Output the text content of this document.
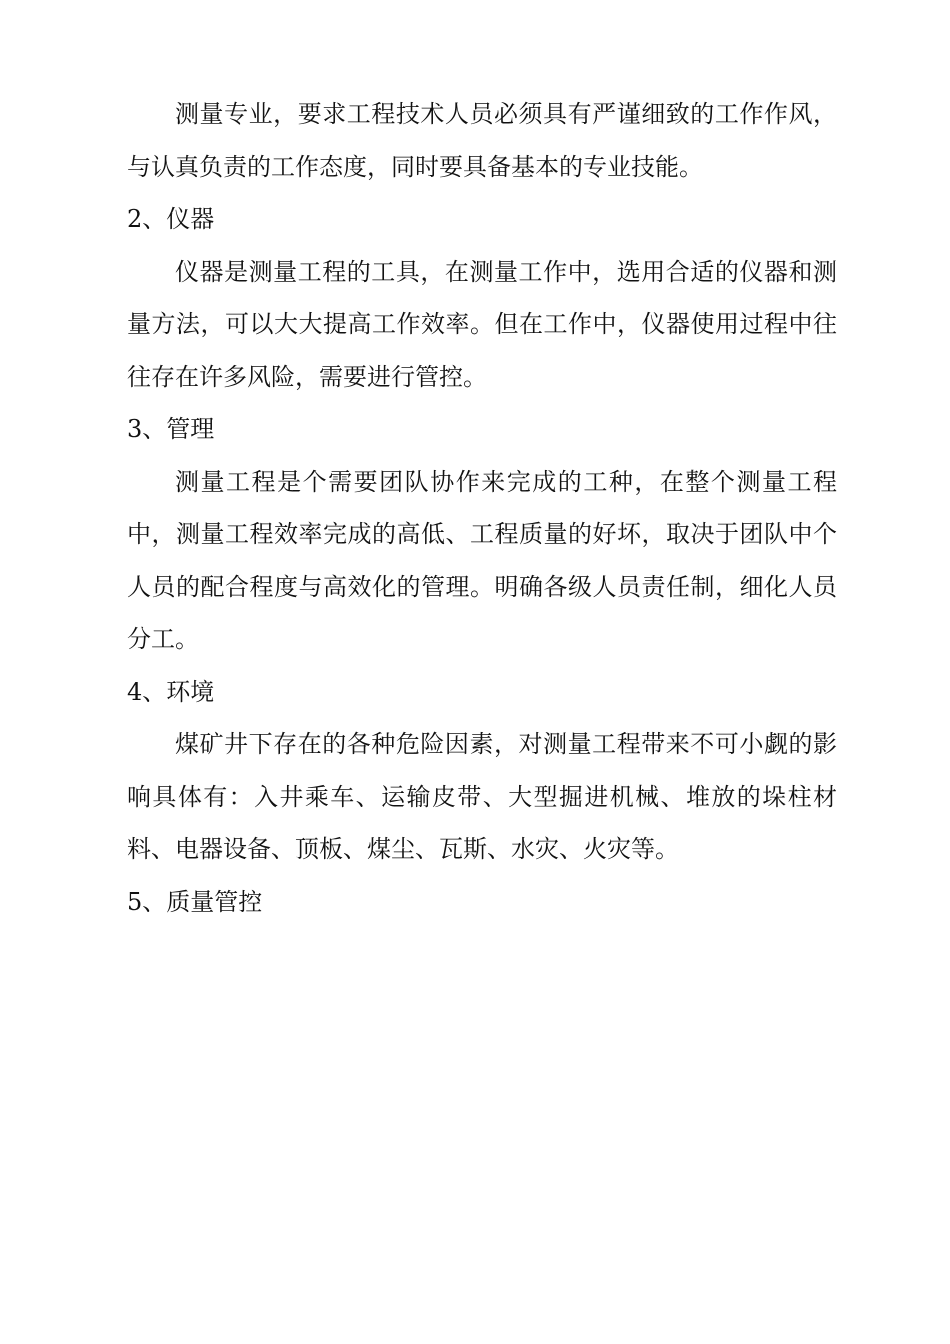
测量专业，要求工程技术人员必须具有严谨细致的工作作风，与认真负责的工作态度，同时要具备基本的专业技能。

2、仪器

仪器是测量工程的工具，在测量工作中，选用合适的仪器和测量方法，可以大大提高工作效率。但在工作中，仪器使用过程中往往存在许多风险，需要进行管控。

3、管理

测量工程是个需要团队协作来完成的工种，在整个测量工程中，测量工程效率完成的高低、工程质量的好坏，取决于团队中个人员的配合程度与高效化的管理。明确各级人员责任制，细化人员分工。

4、环境

煤矿井下存在的各种危险因素，对测量工程带来不可小觑的影响具体有：入井乘车、运输皮带、大型掘进机械、堆放的垛柱材料、电器设备、顶板、煤尘、瓦斯、水灾、火灾等。

5、质量管控
